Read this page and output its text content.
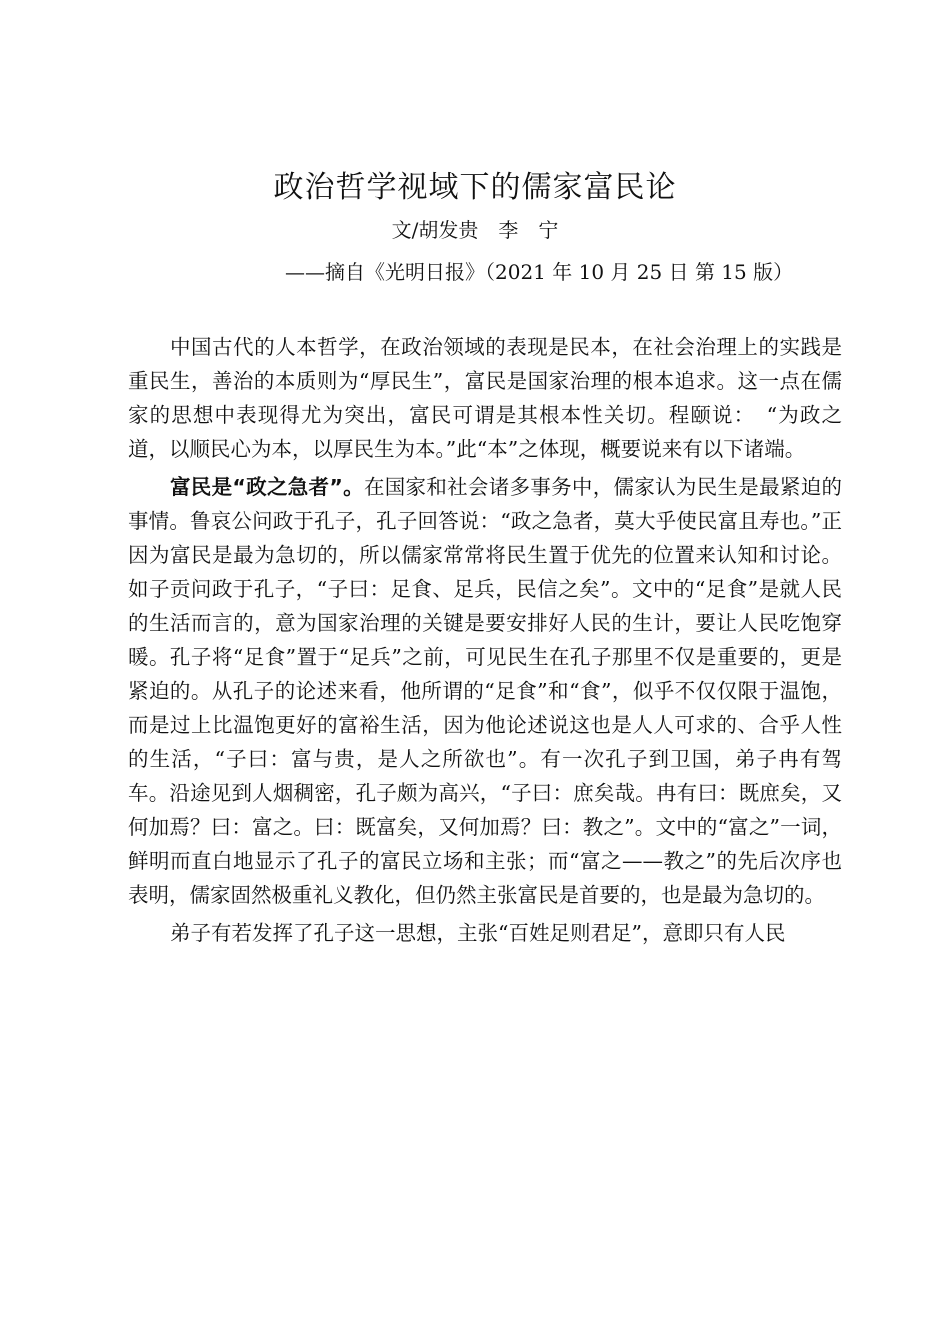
政治哲学视域下的儒家富民论
文/胡发贵　李　宁
——摘自《光明日报》（2021 年 10 月 25 日 第 15 版）

中国古代的人本哲学，在政治领域的表现是民本，在社会治理上的实践是重民生，善治的本质则为“厚民生”，富民是国家治理的根本追求。这一点在儒家的思想中表现得尤为突出，富民可谓是其根本性关切。程颐说：　“为政之道，以顺民心为本，以厚民生为本。”此“本”之体现，概要说来有以下诸端。

富民是“政之急者”。在国家和社会诸多事务中，儒家认为民生是最紧迫的事情。鲁哀公问政于孔子，孔子回答说：“政之急者，莫大乎使民富且寿也。”正因为富民是最为急切的，所以儒家常常将民生置于优先的位置来认知和讨论。如子贡问政于孔子，“子曰：足食、足兵，民信之矣”。文中的“足食”是就人民的生活而言的，意为国家治理的关键是要安排好人民的生计，要让人民吃饱穿暖。孔子将“足食”置于“足兵”之前，可见民生在孔子那里不仅是重要的，更是紧迫的。从孔子的论述来看，他所谓的“足食”和“食”，似乎不仅仅限于温饱，而是过上比温饱更好的富裕生活，因为他论述说这也是人人可求的、合乎人性的生活，“子曰：富与贵，是人之所欲也”。有一次孔子到卫国，弟子冉有驾车。沿途见到人烟稠密，孔子颇为高兴，“子曰：庶矣哉。冉有曰：既庶矣，又何加焉？曰：富之。曰：既富矣，又何加焉？曰：教之”。文中的“富之”一词，鲜明而直白地显示了孔子的富民立场和主张；而“富之——教之”的先后次序也表明，儒家固然极重礼义教化，但仍然主张富民是首要的，也是最为急切的。

弟子有若发挥了孔子这一思想，主张“百姓足则君足”，意即只有人民
